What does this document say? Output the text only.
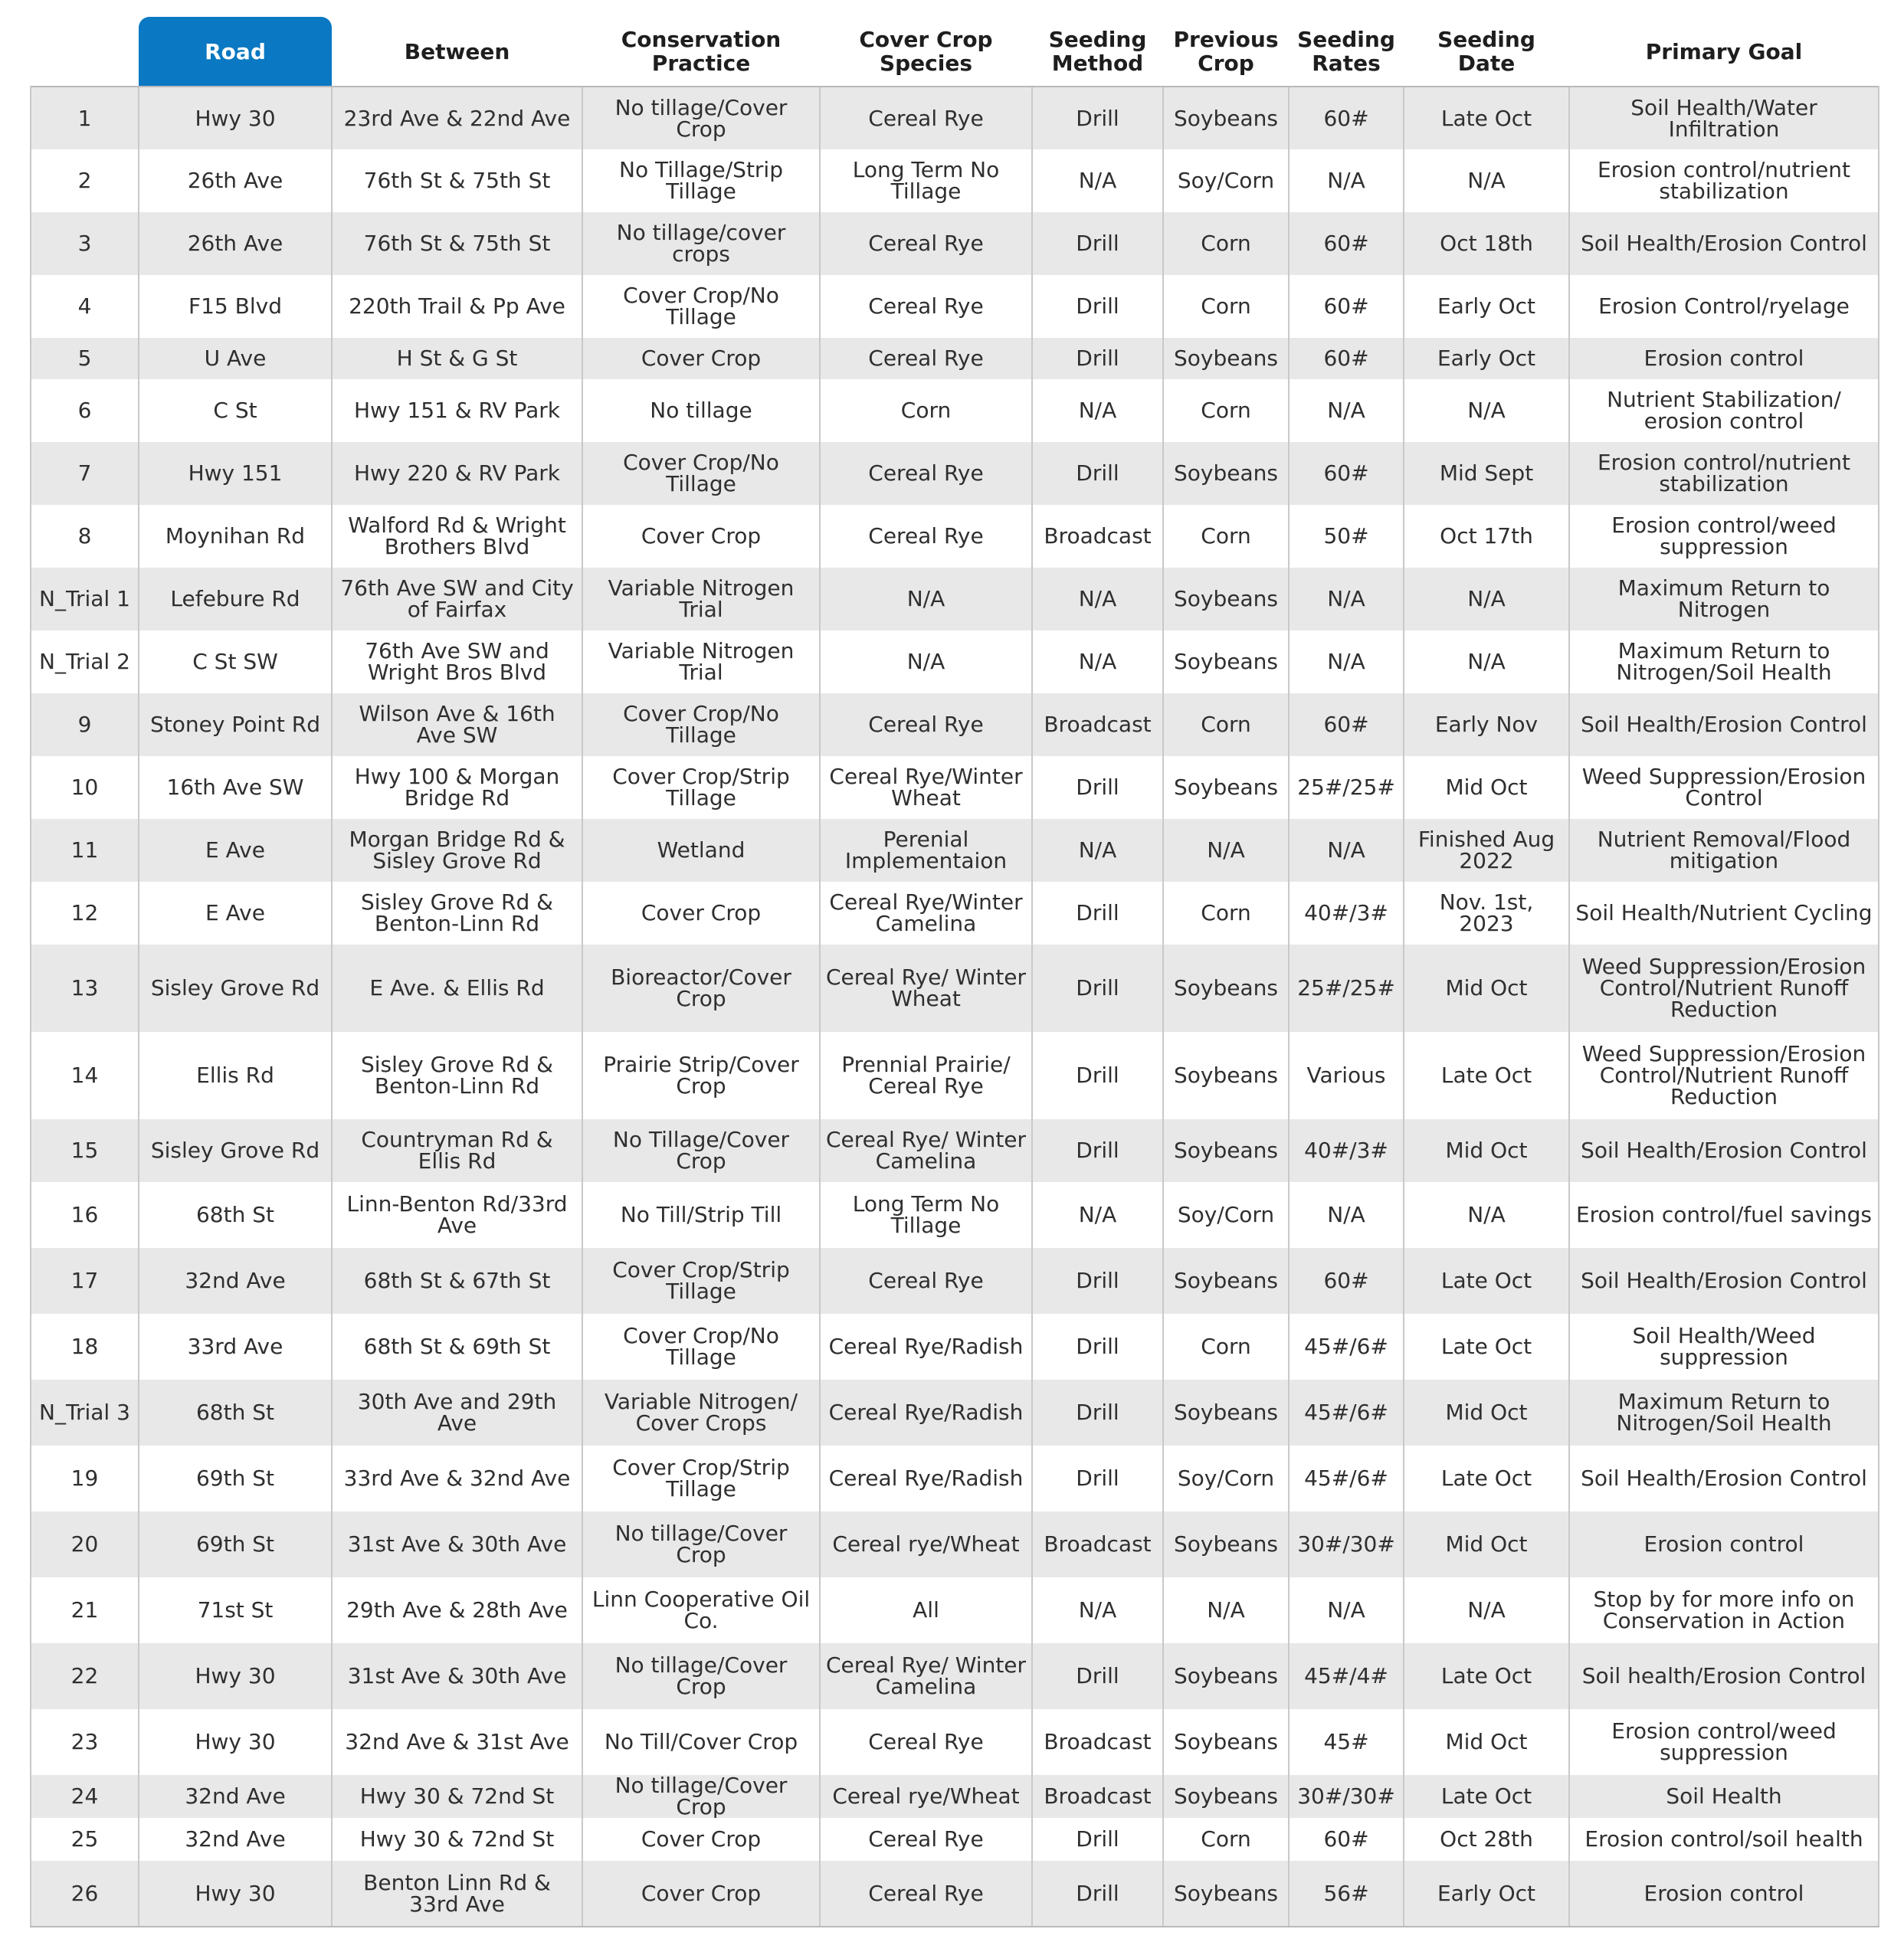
	Road	Between	Conservation Practice	Cover Crop Species	Seeding Method	Previous Crop	Seeding Rates	Seeding Date	Primary Goal
1	Hwy 30	23rd Ave & 22nd Ave	No tillage/Cover Crop	Cereal Rye	Drill	Soybeans	60#	Late Oct	Soil Health/Water Infiltration
2	26th Ave	76th St & 75th St	No Tillage/Strip Tillage	Long Term No Tillage	N/A	Soy/Corn	N/A	N/A	Erosion control/nutrient stabilization
3	26th Ave	76th St & 75th St	No tillage/cover crops	Cereal Rye	Drill	Corn	60#	Oct 18th	Soil Health/Erosion Control
4	F15 Blvd	220th Trail & Pp Ave	Cover Crop/No Tillage	Cereal Rye	Drill	Corn	60#	Early Oct	Erosion Control/ryelage
5	U Ave	H St & G St	Cover Crop	Cereal Rye	Drill	Soybeans	60#	Early Oct	Erosion control
6	C St	Hwy 151 & RV Park	No tillage	Corn	N/A	Corn	N/A	N/A	Nutrient Stabilization/ erosion control
7	Hwy 151	Hwy 220 & RV Park	Cover Crop/No Tillage	Cereal Rye	Drill	Soybeans	60#	Mid Sept	Erosion control/nutrient stabilization
8	Moynihan Rd	Walford Rd & Wright Brothers Blvd	Cover Crop	Cereal Rye	Broadcast	Corn	50#	Oct 17th	Erosion control/weed suppression
N_Trial 1	Lefebure Rd	76th Ave SW and City of Fairfax	Variable Nitrogen Trial	N/A	N/A	Soybeans	N/A	N/A	Maximum Return to Nitrogen
N_Trial 2	C St SW	76th Ave SW and Wright Bros Blvd	Variable Nitrogen Trial	N/A	N/A	Soybeans	N/A	N/A	Maximum Return to Nitrogen/Soil Health
9	Stoney Point Rd	Wilson Ave & 16th Ave SW	Cover Crop/No Tillage	Cereal Rye	Broadcast	Corn	60#	Early Nov	Soil Health/Erosion Control
10	16th Ave SW	Hwy 100 & Morgan Bridge Rd	Cover Crop/Strip Tillage	Cereal Rye/Winter Wheat	Drill	Soybeans	25#/25#	Mid Oct	Weed Suppression/Erosion Control
11	E Ave	Morgan Bridge Rd & Sisley Grove Rd	Wetland	Perenial Implementaion	N/A	N/A	N/A	Finished Aug 2022	Nutrient Removal/Flood mitigation
12	E Ave	Sisley Grove Rd & Benton-Linn Rd	Cover Crop	Cereal Rye/Winter Camelina	Drill	Corn	40#/3#	Nov. 1st, 2023	Soil Health/Nutrient Cycling
13	Sisley Grove Rd	E Ave. & Ellis Rd	Bioreactor/Cover Crop	Cereal Rye/ Winter Wheat	Drill	Soybeans	25#/25#	Mid Oct	Weed Suppression/Erosion Control/Nutrient Runoff Reduction
14	Ellis Rd	Sisley Grove Rd & Benton-Linn Rd	Prairie Strip/Cover Crop	Prennial Prairie/ Cereal Rye	Drill	Soybeans	Various	Late Oct	Weed Suppression/Erosion Control/Nutrient Runoff Reduction
15	Sisley Grove Rd	Countryman Rd & Ellis Rd	No Tillage/Cover Crop	Cereal Rye/ Winter Camelina	Drill	Soybeans	40#/3#	Mid Oct	Soil Health/Erosion Control
16	68th St	Linn-Benton Rd/33rd Ave	No Till/Strip Till	Long Term No Tillage	N/A	Soy/Corn	N/A	N/A	Erosion control/fuel savings
17	32nd Ave	68th St & 67th St	Cover Crop/Strip Tillage	Cereal Rye	Drill	Soybeans	60#	Late Oct	Soil Health/Erosion Control
18	33rd Ave	68th St & 69th St	Cover Crop/No Tillage	Cereal Rye/Radish	Drill	Corn	45#/6#	Late Oct	Soil Health/Weed suppression
N_Trial 3	68th St	30th Ave and 29th Ave	Variable Nitrogen/ Cover Crops	Cereal Rye/Radish	Drill	Soybeans	45#/6#	Mid Oct	Maximum Return to Nitrogen/Soil Health
19	69th St	33rd Ave & 32nd Ave	Cover Crop/Strip Tillage	Cereal Rye/Radish	Drill	Soy/Corn	45#/6#	Late Oct	Soil Health/Erosion Control
20	69th St	31st Ave & 30th Ave	No tillage/Cover Crop	Cereal rye/Wheat	Broadcast	Soybeans	30#/30#	Mid Oct	Erosion control
21	71st St	29th Ave & 28th Ave	Linn Cooperative Oil Co.	All	N/A	N/A	N/A	N/A	Stop by for more info on Conservation in Action
22	Hwy 30	31st Ave & 30th Ave	No tillage/Cover Crop	Cereal Rye/ Winter Camelina	Drill	Soybeans	45#/4#	Late Oct	Soil health/Erosion Control
23	Hwy 30	32nd Ave & 31st Ave	No Till/Cover Crop	Cereal Rye	Broadcast	Soybeans	45#	Mid Oct	Erosion control/weed suppression
24	32nd Ave	Hwy 30 & 72nd St	No tillage/Cover Crop	Cereal rye/Wheat	Broadcast	Soybeans	30#/30#	Late Oct	Soil Health
25	32nd Ave	Hwy 30 & 72nd St	Cover Crop	Cereal Rye	Drill	Corn	60#	Oct 28th	Erosion control/soil health
26	Hwy 30	Benton Linn Rd & 33rd Ave	Cover Crop	Cereal Rye	Drill	Soybeans	56#	Early Oct	Erosion control
